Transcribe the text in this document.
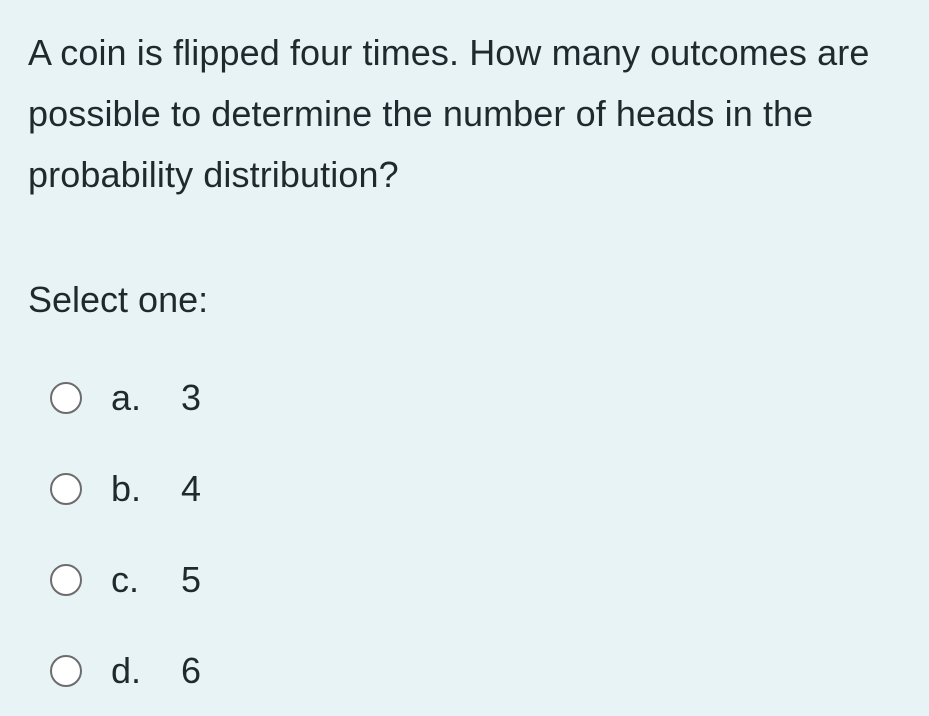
A coin is flipped four times. How many outcomes are possible to determine the number of heads in the probability distribution?

Select one:
a.	3
b.	4
c.	5
d.	6
